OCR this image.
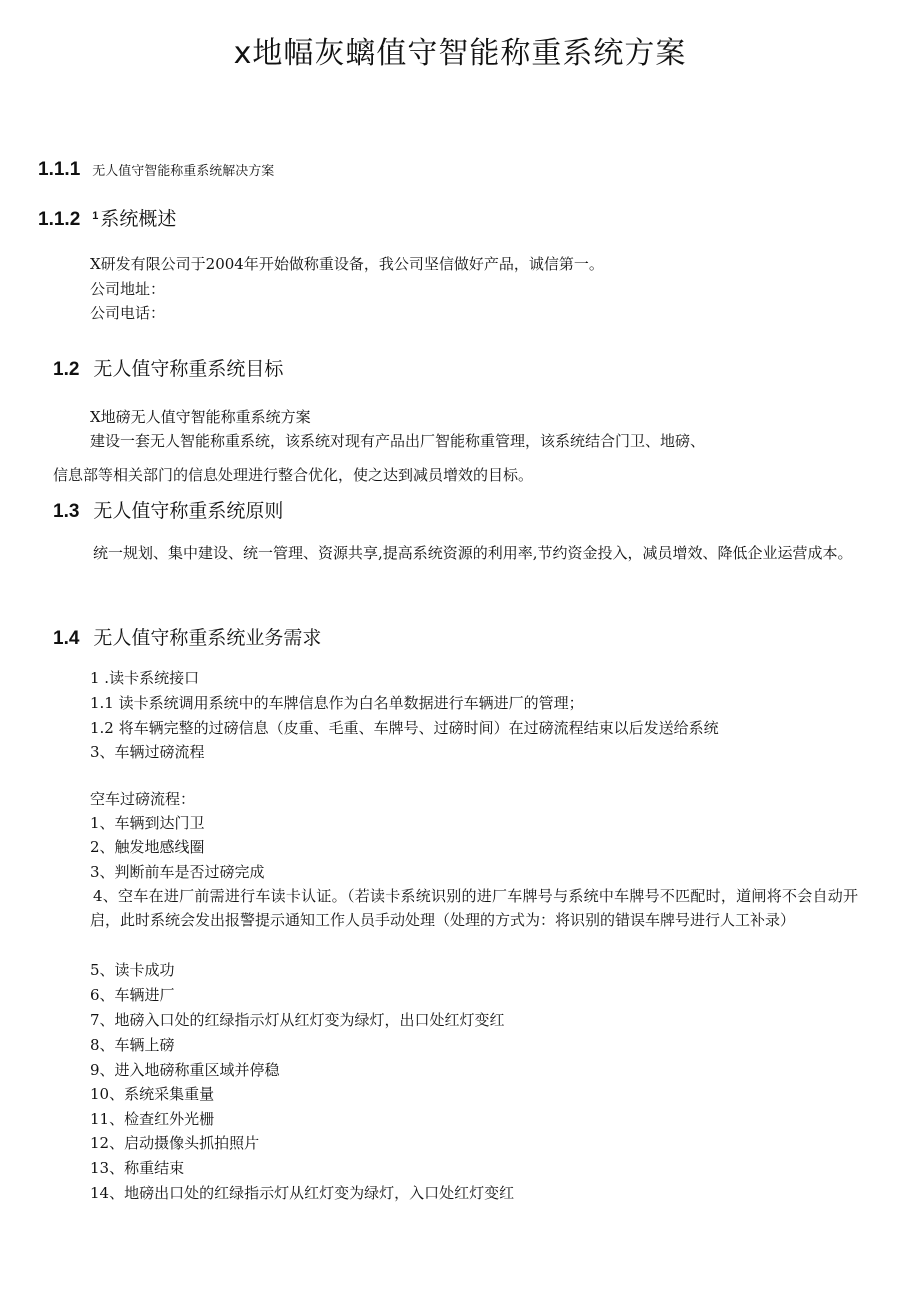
x地幅灰螭值守智能称重系统方案
1.1.1 无人值守智能称重系统解决方案
1.1.2 $^1$ 系统概述

X研发有限公司于2004年开始做称重设备，我公司坚信做好产品，诚信第一。

公司地址：

公司电话：

1.2 无人值守称重系统目标

X地磅无人值守智能称重系统方案

建设一套无人智能称重系统，该系统对现有产品出厂智能称重管理，该系统结合门卫、地磅、

信息部等相关部门的信息处理进行整合优化，使之达到减员增效的目标。

1.3 无人值守称重系统原则

统一规划、集中建设、统一管理、资源共享,提高系统资源的利用率,节约资金投入，减员增效、降低企业运营成本。

1.4 无人值守称重系统业务需求

1 .读卡系统接口

1.1 读卡系统调用系统中的车牌信息作为白名单数据进行车辆进厂的管理；

1.2 将车辆完整的过磅信息（皮重、毛重、车牌号、过磅时间）在过磅流程结束以后发送给系统

3、车辆过磅流程

空车过磅流程：

1、车辆到达门卫

2、触发地感线圈

3、判断前车是否过磅完成

4、空车在进厂前需进行车读卡认证。（若读卡系统识别的进厂车牌号与系统中车牌号不匹配时，道闸将不会自动开启，此时系统会发出报警提示通知工作人员手动处理（处理的方式为：将识别的错误车牌号进行人工补录）

5、读卡成功

6、车辆进厂

7、地磅入口处的红绿指示灯从红灯变为绿灯，出口处红灯变红

8、车辆上磅

9、进入地磅称重区域并停稳

10、系统采集重量

11、检查红外光栅

12、启动摄像头抓拍照片

13、称重结束

14、地磅出口处的红绿指示灯从红灯变为绿灯，入口处红灯变红
